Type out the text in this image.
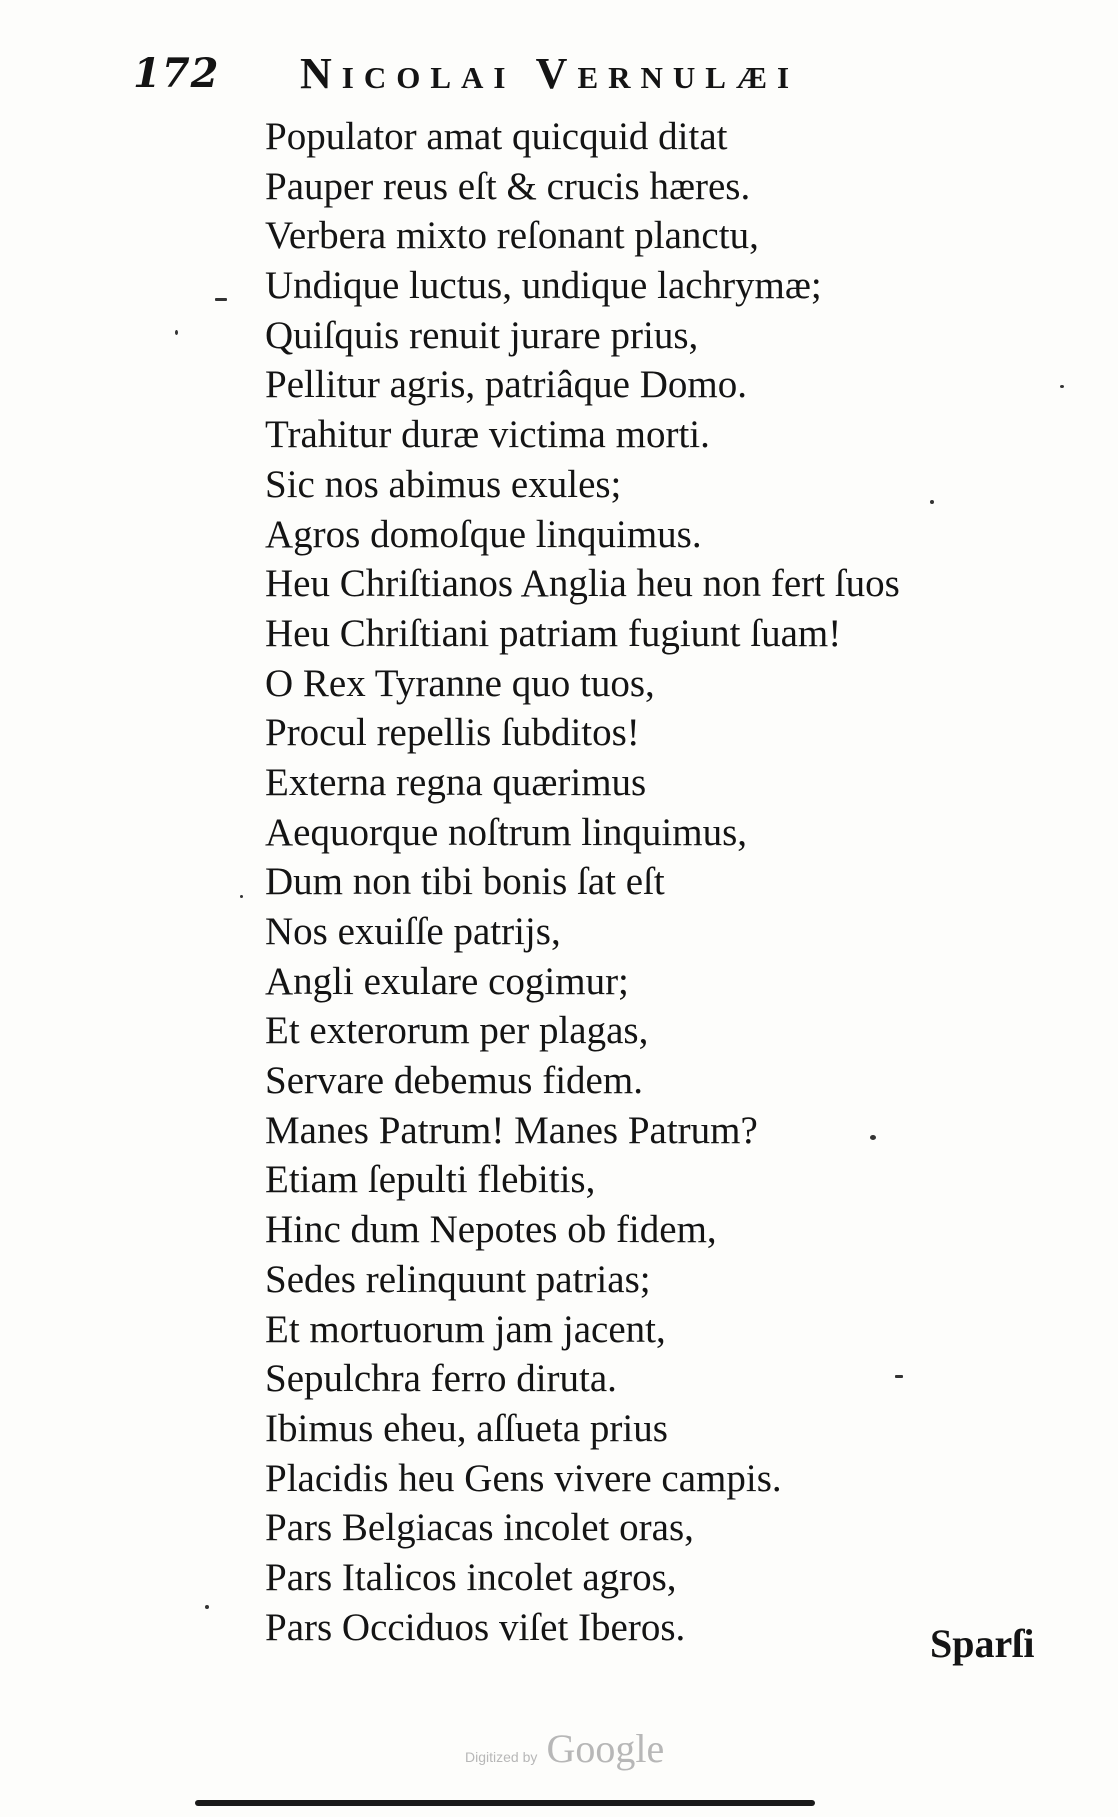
172 Nicolai Vernulæi
Populator amat quicquid ditat
Pauper reus eſt & crucis hæres.
Verbera mixto reſonant planctu,
Undique luctus, undique lachrymæ;
Quiſquis renuit jurare prius,
Pellitur agris, patriâque Domo.
Trahitur duræ victima morti.
Sic nos abimus exules;
Agros domoſque linquimus.
Heu Chriſtianos Anglia heu non fert ſuos
Heu Chriſtiani patriam fugiunt ſuam!
O Rex Tyranne quo tuos,
Procul repellis ſubditos!
Externa regna quærimus
Aequorque noſtrum linquimus,
Dum non tibi bonis ſat eſt
Nos exuiſſe patrijs,
Angli exulare cogimur;
Et exterorum per plagas,
Servare debemus fidem.
Manes Patrum! Manes Patrum?
Etiam ſepulti flebitis,
Hinc dum Nepotes ob fidem,
Sedes relinquunt patrias;
Et mortuorum jam jacent,
Sepulchra ferro diruta.
Ibimus eheu, aſſueta prius
Placidis heu Gens vivere campis.
Pars Belgiacas incolet oras,
Pars Italicos incolet agros,
Pars Occiduos viſet Iberos.	Sparſi
Digitized by Google
